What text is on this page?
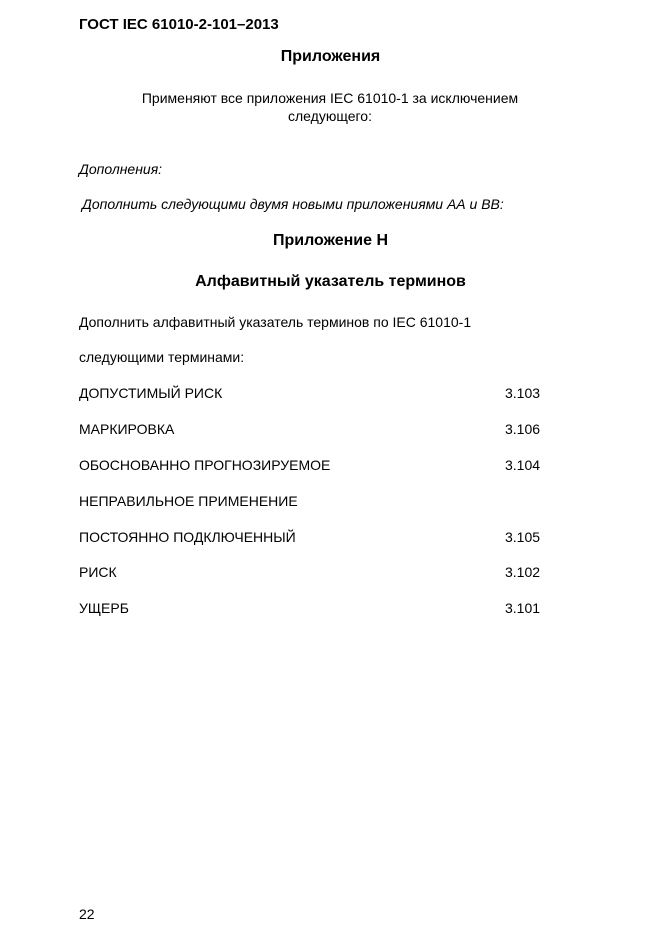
ГОСТ IEC 61010-2-101–2013
Приложения
Применяют все приложения IEC 61010-1 за исключением следующего:
Дополнения:
Дополнить следующими двумя новыми приложениями АА и ВВ:
Приложение Н
Алфавитный указатель терминов
Дополнить алфавитный указатель терминов по IEC 61010-1
следующими терминами:
ДОПУСТИМЫЙ РИСК	3.103
МАРКИРОВКА	3.106
ОБОСНОВАННО ПРОГНОЗИРУЕМОЕ	3.104
НЕПРАВИЛЬНОЕ ПРИМЕНЕНИЕ
ПОСТОЯННО ПОДКЛЮЧЕННЫЙ	3.105
РИСК	3.102
УЩЕРБ	3.101
22
